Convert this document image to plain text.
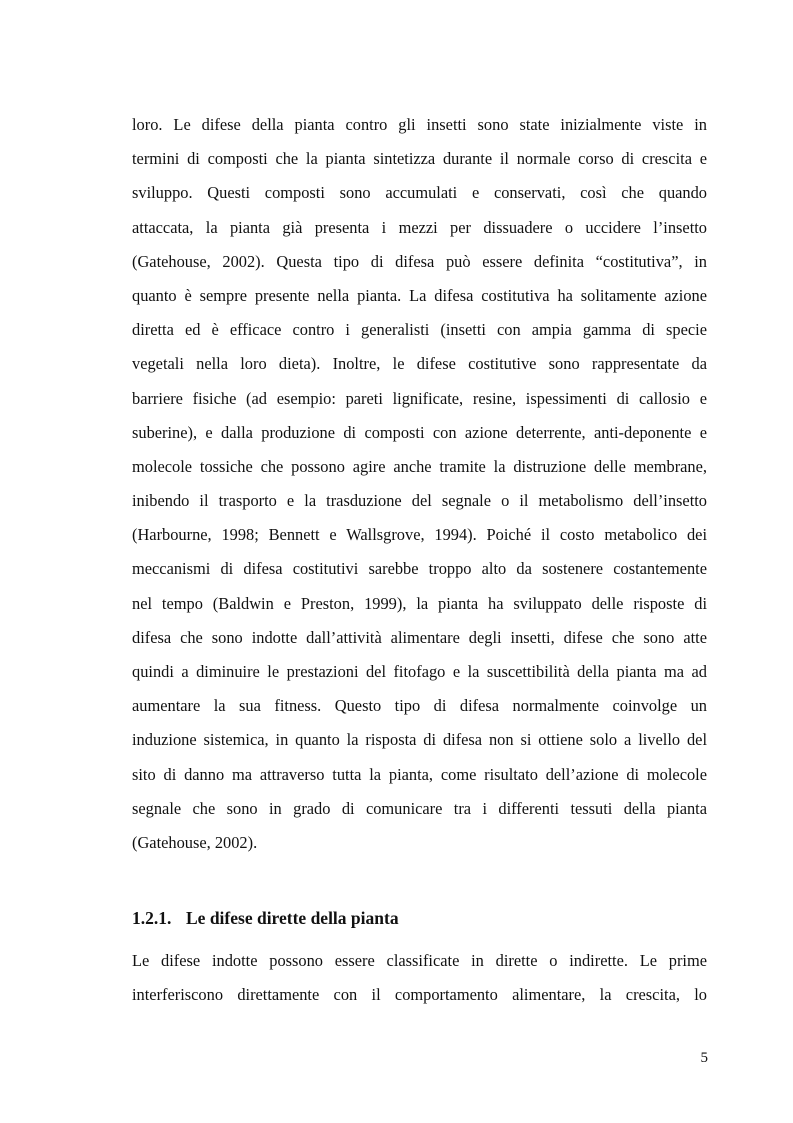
loro. Le difese della pianta contro gli insetti sono state inizialmente viste in
termini di composti che la pianta sintetizza durante il normale corso di crescita e
sviluppo. Questi composti sono accumulati e conservati, così che quando
attaccata, la pianta già presenta i mezzi per dissuadere o uccidere l’insetto
(Gatehouse, 2002). Questa tipo di difesa può essere definita “costitutiva”, in
quanto è sempre presente nella pianta. La difesa costitutiva ha solitamente azione
diretta ed è efficace contro i generalisti (insetti con ampia gamma di specie
vegetali nella loro dieta). Inoltre, le difese costitutive sono rappresentate da
barriere fisiche (ad esempio: pareti lignificate, resine, ispessimenti di callosio e
suberine), e dalla produzione di composti con azione deterrente, anti-deponente e
molecole tossiche che possono agire anche tramite la distruzione delle membrane,
inibendo il trasporto e la trasduzione del segnale o il metabolismo dell’insetto
(Harbourne, 1998; Bennett e Wallsgrove, 1994). Poiché il costo metabolico dei
meccanismi di difesa costitutivi sarebbe troppo alto da sostenere costantemente
nel tempo (Baldwin e Preston, 1999), la pianta ha sviluppato delle risposte di
difesa che sono indotte dall’attività alimentare degli insetti, difese che sono atte
quindi a diminuire le prestazioni del fitofago e la suscettibilità della pianta ma ad
aumentare la sua fitness. Questo tipo di difesa normalmente coinvolge un
induzione sistemica, in quanto la risposta di difesa non si ottiene solo a livello del
sito di danno ma attraverso tutta la pianta, come risultato dell’azione di molecole
segnale che sono in grado di comunicare tra i differenti tessuti della pianta
(Gatehouse, 2002).
1.2.1. Le difese dirette della pianta
Le difese indotte possono essere classificate in dirette o indirette. Le prime
interferiscono direttamente con il comportamento alimentare, la crescita, lo
5
